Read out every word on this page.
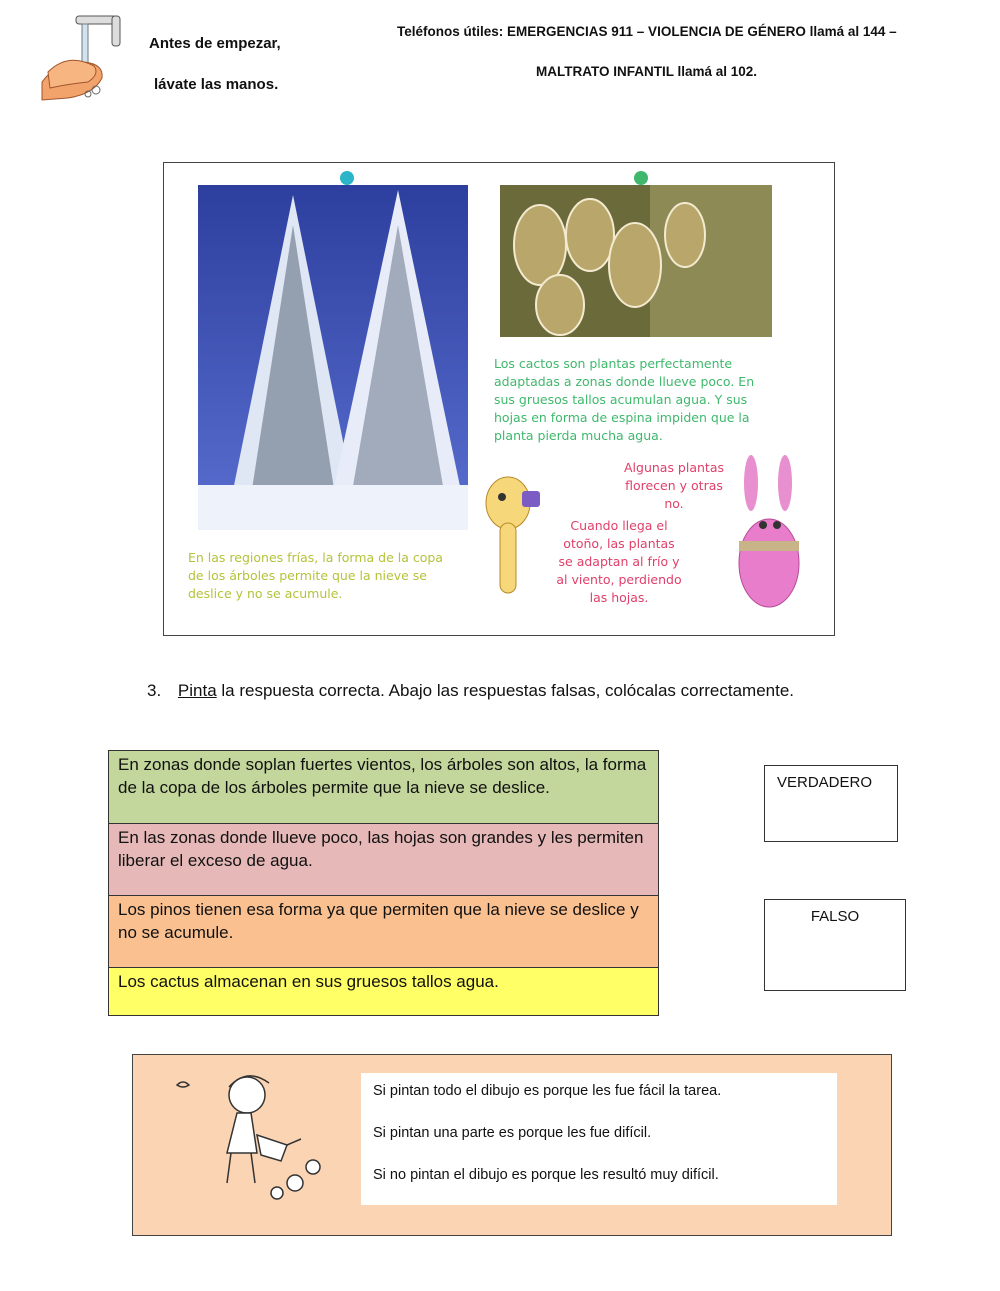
Antes de empezar,
lávate las manos.
Teléfonos útiles: EMERGENCIAS 911 – VIOLENCIA DE GÉNERO llamá al 144 –
MALTRATO INFANTIL llamá al 102.
Los cactos son plantas perfectamente
adaptadas a zonas donde llueve poco. En
sus gruesos tallos acumulan agua. Y sus
hojas en forma de espina impiden que la
planta pierda mucha agua.
Algunas plantas
florecen y otras no.
Cuando llega el
otoño, las plantas
se adaptan al frío y
al viento, perdiendo
las hojas.
En las regiones frías, la forma de la copa
de los árboles permite que la nieve se
deslice y no se acumule.
3. Pinta la respuesta correcta. Abajo las respuestas falsas, colócalas correctamente.
En zonas donde soplan fuertes vientos, los árboles son altos, la forma de la copa de los árboles permite que la nieve se deslice.
En las zonas donde llueve poco, las hojas son grandes y les permiten liberar el exceso de agua.
Los pinos tienen esa forma ya que permiten que la nieve se deslice y no se acumule.
Los cactus almacenan en sus gruesos tallos agua.
VERDADERO
FALSO
Si pintan todo el dibujo es porque les fue fácil la tarea.
Si pintan una parte es porque les fue difícil.
Si no pintan el dibujo es porque les resultó muy difícil.
